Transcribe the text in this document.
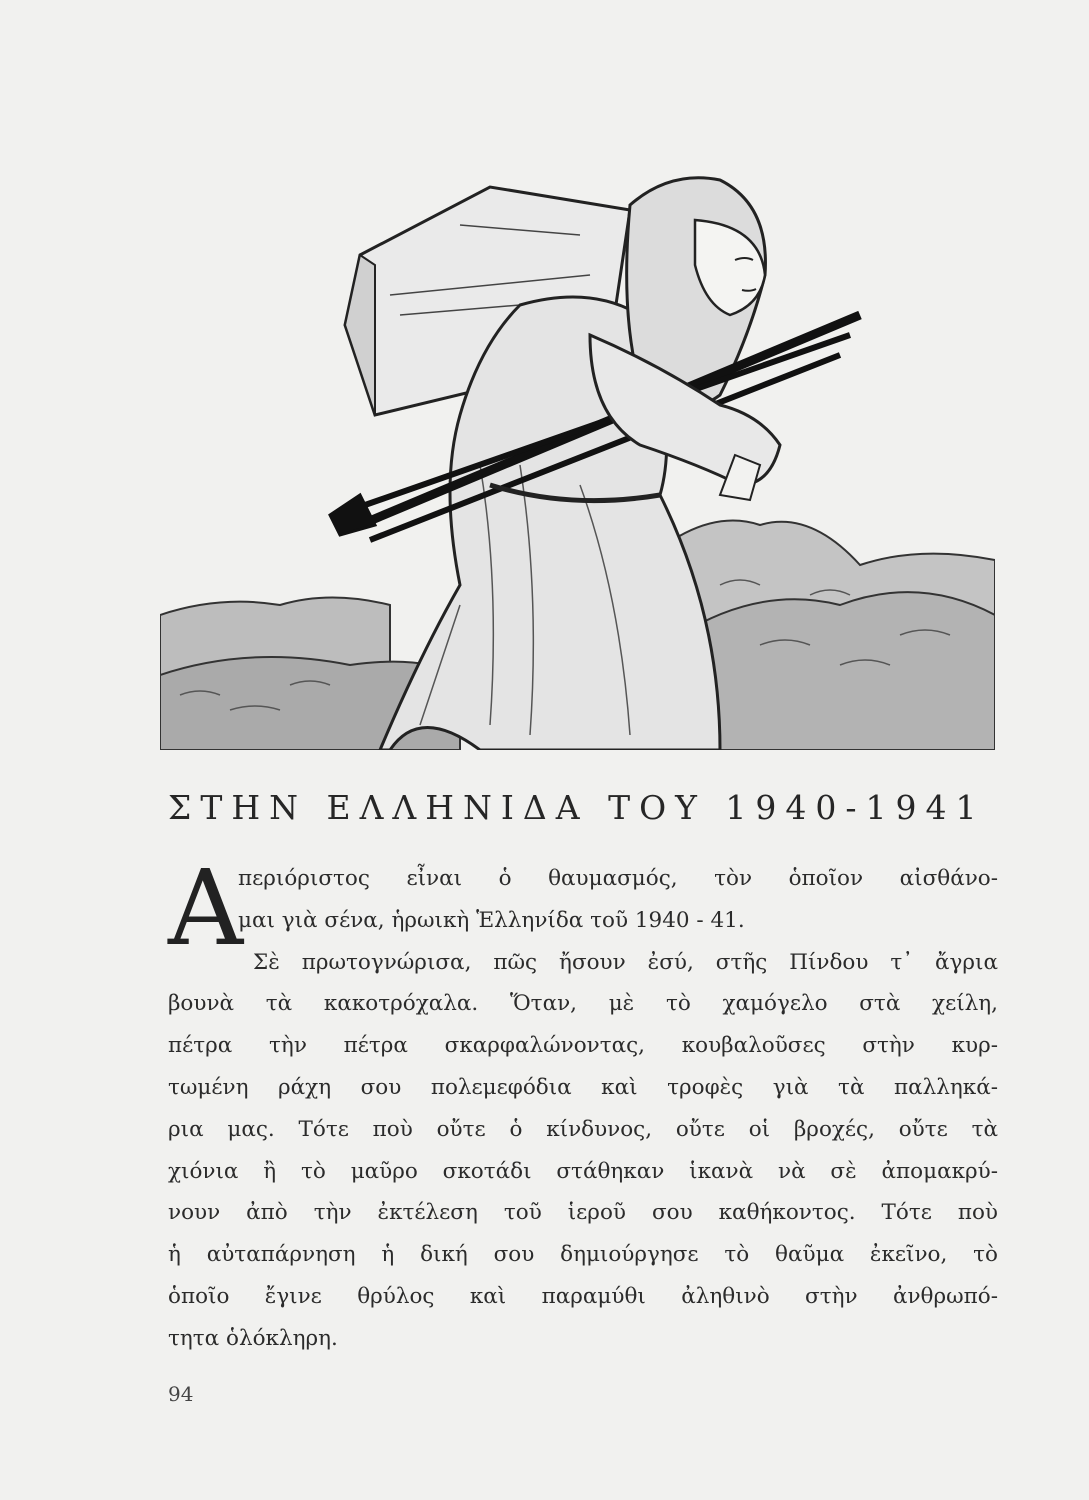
ΣΤΗΝ ΕΛΛΗΝΙΔΑ ΤΟΥ 1940-1941
Α
περιόριστος εἶναι ὁ θαυμασμός, τὸν ὁποῖον αἰσθάνο-
μαι γιὰ σένα, ἡρωικὴ Ἑλληνίδα τοῦ 1940 - 41.
Σὲ πρωτογνώρισα, πῶς ἤσουν ἐσύ, στῆς Πίνδου τ᾽ ἄγρια
βουνὰ τὰ κακοτρόχαλα. Ὅταν, μὲ τὸ χαμόγελο στὰ χείλη,
πέτρα τὴν πέτρα σκαρφαλώνοντας, κουβαλοῦσες στὴν κυρ-
τωμένη ράχη σου πολεμεφόδια καὶ τροφὲς γιὰ τὰ παλληκά-
ρια μας. Τότε ποὺ οὔτε ὁ κίνδυνος, οὔτε οἱ βροχές, οὔτε τὰ
χιόνια ἢ τὸ μαῦρο σκοτάδι στάθηκαν ἱκανὰ νὰ σὲ ἀπομακρύ-
νουν ἀπὸ τὴν ἐκτέλεση τοῦ ἱεροῦ σου καθήκοντος. Τότε ποὺ
ἡ αὐταπάρνηση ἡ δική σου δημιούργησε τὸ θαῦμα ἐκεῖνο, τὸ
ὁποῖο ἔγινε θρύλος καὶ παραμύθι ἀληθινὸ στὴν ἀνθρωπό-
τητα ὁλόκληρη.
94
